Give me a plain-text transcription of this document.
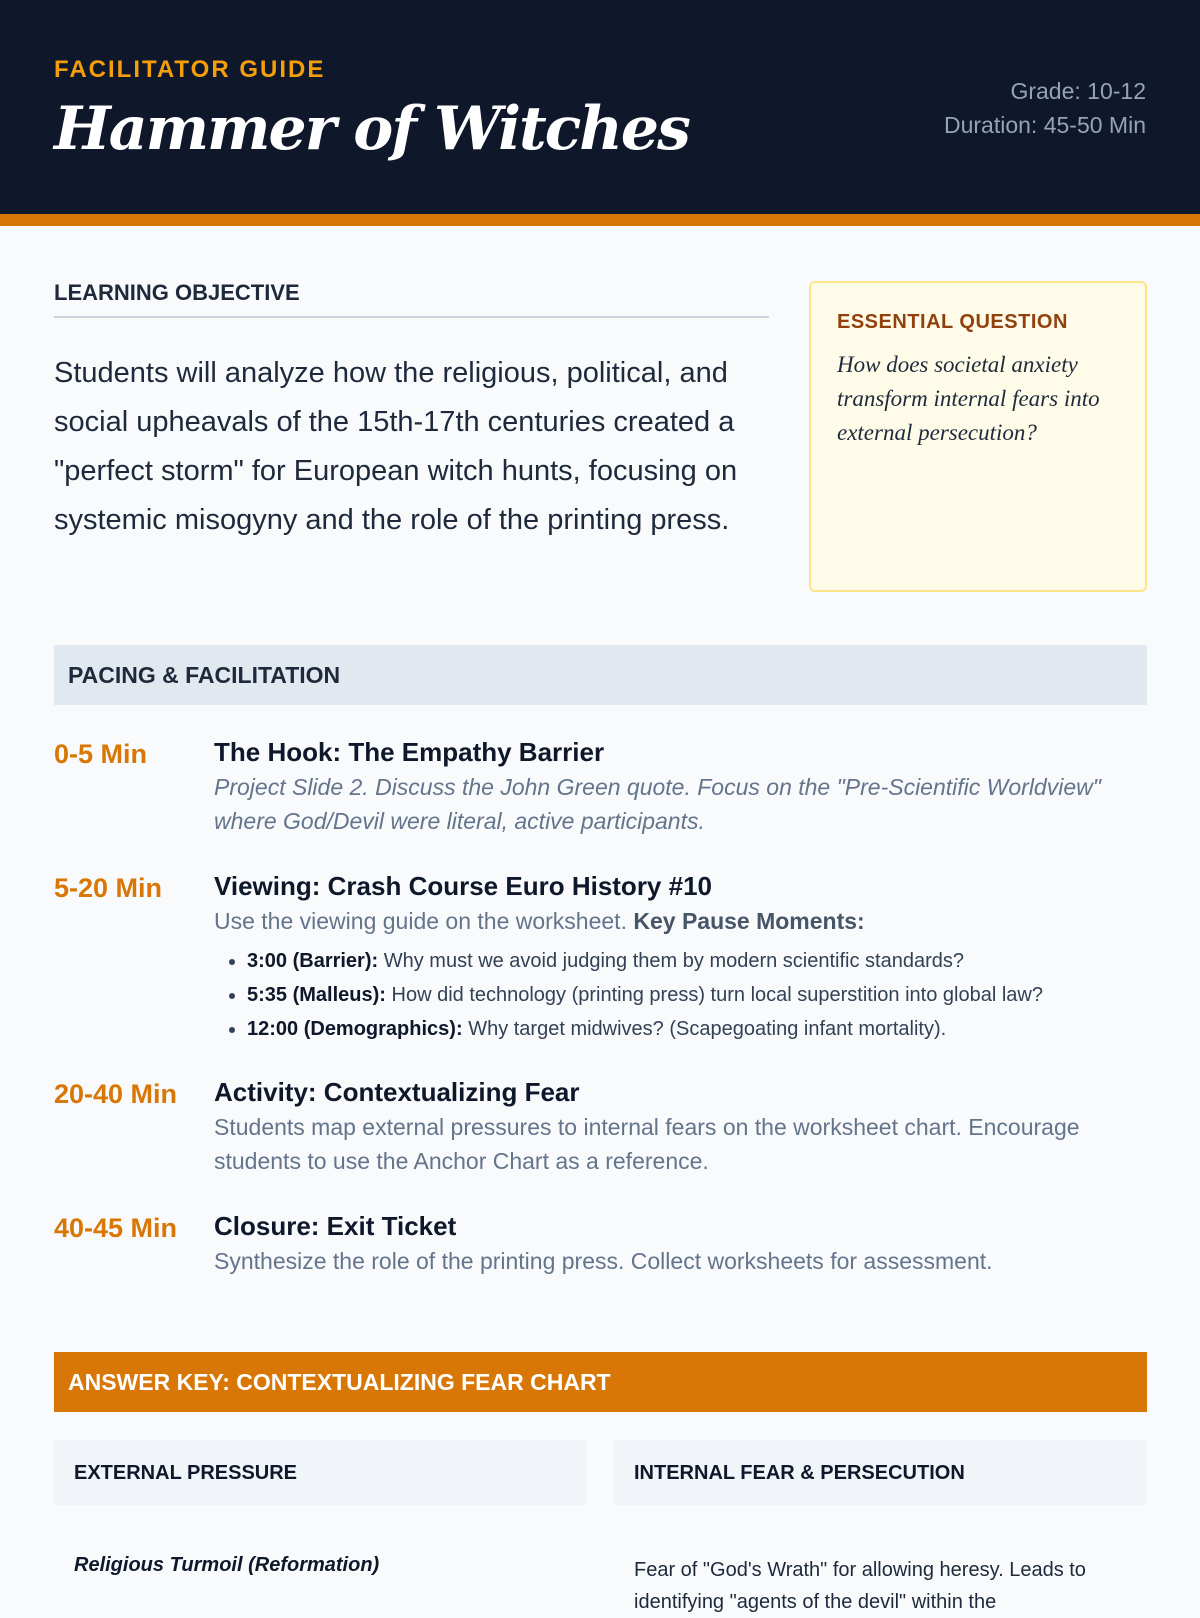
FACILITATOR GUIDE
Hammer of Witches
Grade: 10-12
Duration: 45-50 Min
LEARNING OBJECTIVE
Students will analyze how the religious, political, and social upheavals of the 15th-17th centuries created a "perfect storm" for European witch hunts, focusing on systemic misogyny and the role of the printing press.
ESSENTIAL QUESTION
How does societal anxiety transform internal fears into external persecution?
PACING & FACILITATION
0-5 Min	The Hook: The Empathy Barrier
Project Slide 2. Discuss the John Green quote. Focus on the "Pre-Scientific Worldview" where God/Devil were literal, active participants.
5-20 Min	Viewing: Crash Course Euro History #10
Use the viewing guide on the worksheet. Key Pause Moments:
• 3:00 (Barrier): Why must we avoid judging them by modern scientific standards?
• 5:35 (Malleus): How did technology (printing press) turn local superstition into global law?
• 12:00 (Demographics): Why target midwives? (Scapegoating infant mortality).
20-40 Min	Activity: Contextualizing Fear
Students map external pressures to internal fears on the worksheet chart. Encourage students to use the Anchor Chart as a reference.
40-45 Min	Closure: Exit Ticket
Synthesize the role of the printing press. Collect worksheets for assessment.
ANSWER KEY: CONTEXTUALIZING FEAR CHART
EXTERNAL PRESSURE	INTERNAL FEAR & PERSECUTION
Religious Turmoil (Reformation)	Fear of "God's Wrath" for allowing heresy. Leads to identifying "agents of the devil" within the
